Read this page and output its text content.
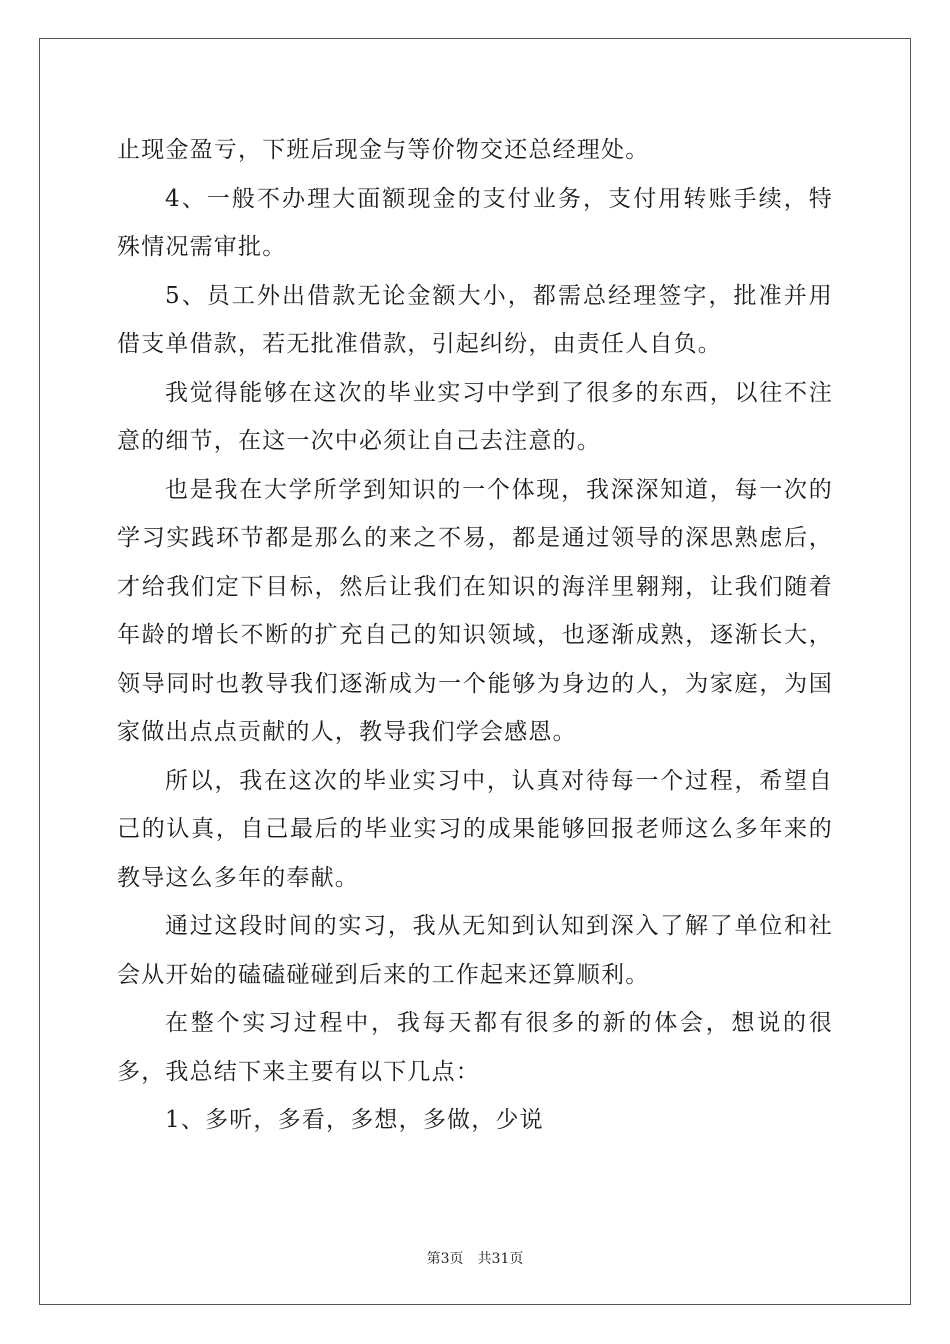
止现金盈亏，下班后现金与等价物交还总经理处。

4、一般不办理大面额现金的支付业务，支付用转账手续，特殊情况需审批。

5、员工外出借款无论金额大小，都需总经理签字，批准并用借支单借款，若无批准借款，引起纠纷，由责任人自负。

我觉得能够在这次的毕业实习中学到了很多的东西，以往不注意的细节，在这一次中必须让自己去注意的。

也是我在大学所学到知识的一个体现，我深深知道，每一次的学习实践环节都是那么的来之不易，都是通过领导的深思熟虑后，才给我们定下目标，然后让我们在知识的海洋里翱翔，让我们随着年龄的增长不断的扩充自己的知识领域，也逐渐成熟，逐渐长大，领导同时也教导我们逐渐成为一个能够为身边的人，为家庭，为国家做出点点贡献的人，教导我们学会感恩。

所以，我在这次的毕业实习中，认真对待每一个过程，希望自己的认真，自己最后的毕业实习的成果能够回报老师这么多年来的教导这么多年的奉献。

通过这段时间的实习，我从无知到认知到深入了解了单位和社会从开始的磕磕碰碰到后来的工作起来还算顺利。

在整个实习过程中，我每天都有很多的新的体会，想说的很多，我总结下来主要有以下几点：

1、多听，多看，多想，多做，少说

第3页 共31页
